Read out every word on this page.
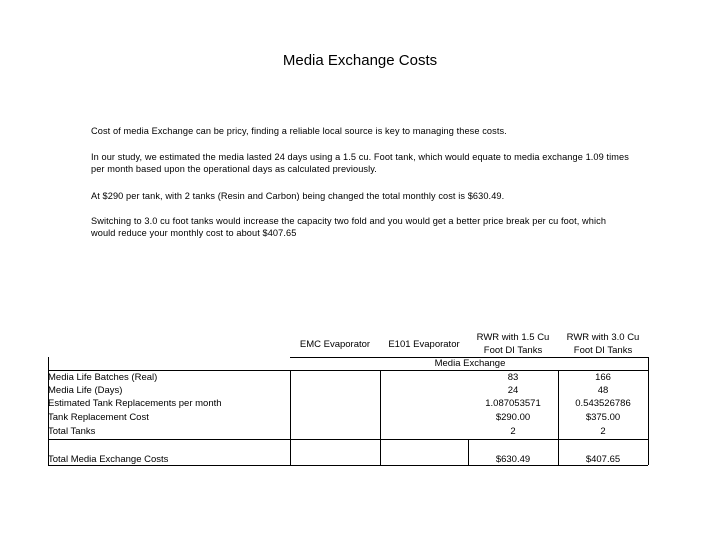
Media Exchange Costs
Cost of media Exchange can be pricy, finding a reliable local source is key to managing these costs.
In our study, we estimated the media lasted 24 days using a 1.5 cu. Foot tank, which would equate to media exchange 1.09 times per month based upon the operational days as calculated previously.
At $290 per tank, with 2 tanks (Resin and Carbon) being changed the total monthly cost is $630.49.
Switching to 3.0 cu foot tanks would increase the capacity two fold and you would get a better price break per cu foot, which would reduce your monthly cost to about $407.65
EMC Evaporator	E101 Evaporator
RWR with 1.5 Cu Foot DI Tanks
RWR with 3.0 Cu Foot DI Tanks
Media Exchange
Media Life Batches (Real)
Media Life (Days)
Estimated Tank Replacements per month
Tank Replacement Cost
Total Tanks
Total Media Exchange Costs
83
24
1.087053571
$290.00
2
$630.49
166
48
0.543526786
$375.00
2
$407.65
